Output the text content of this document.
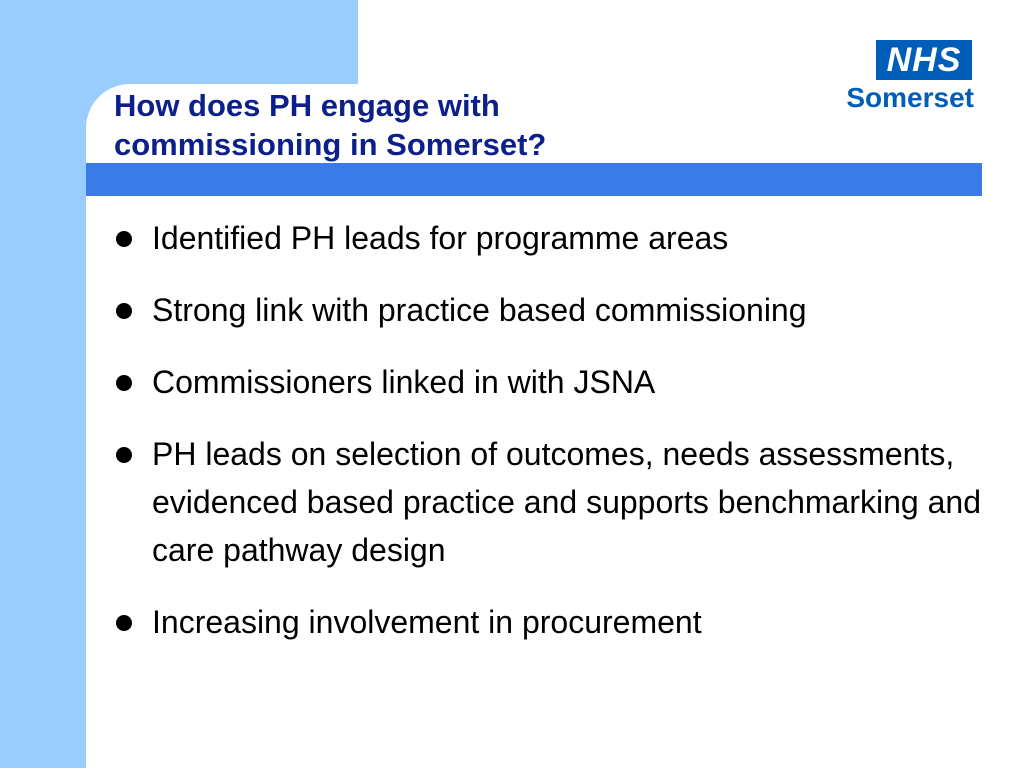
How does PH engage with
commissioning in Somerset?
NHS
Somerset
Identified PH leads for programme areas
Strong link with practice based commissioning
Commissioners linked in with JSNA
PH leads on selection of outcomes, needs assessments, evidenced based practice and supports benchmarking and care pathway design
Increasing involvement in procurement
